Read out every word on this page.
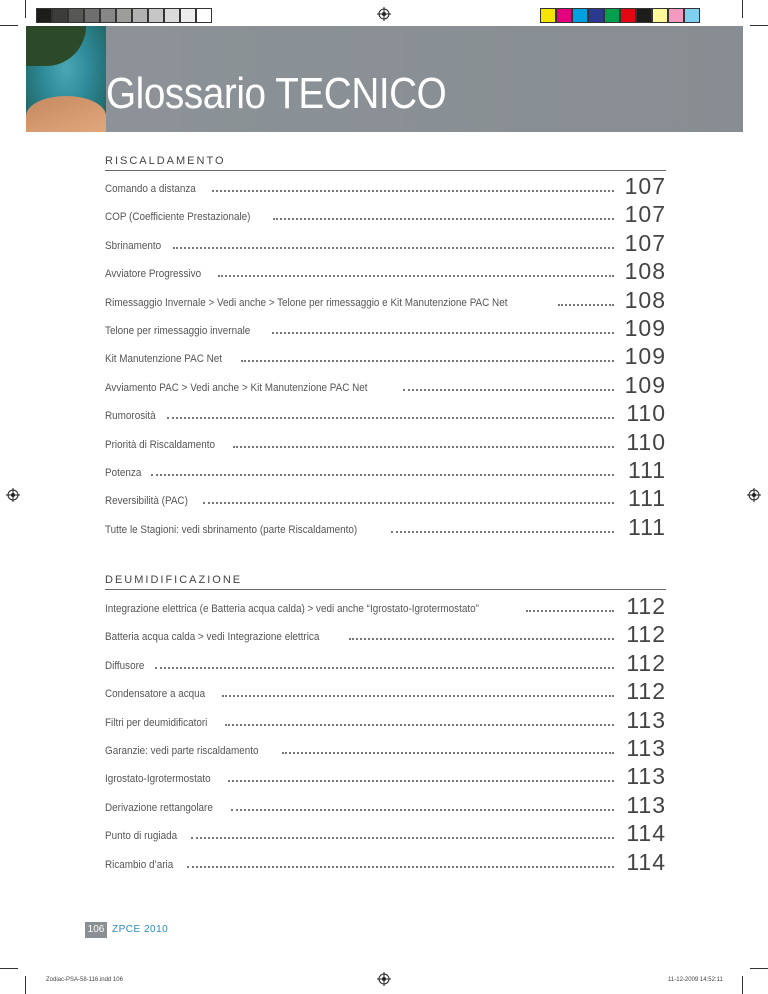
Glossario TECNICO
RISCALDAMENTO
Comando a distanza	107
COP (Coefficiente Prestazionale)	107
Sbrinamento	107
Avviatore Progressivo	108
Rimessaggio Invernale > Vedi anche > Telone per rimessaggio e Kit Manutenzione PAC Net	108
Telone per rimessaggio invernale	109
Kit Manutenzione PAC Net	109
Avviamento PAC > Vedi anche > Kit Manutenzione PAC Net	109
Rumorosità	110
Priorità di Riscaldamento	110
Potenza	111
Reversibilità (PAC)	111
Tutte le Stagioni: vedi sbrinamento (parte Riscaldamento)	111
DEUMIDIFICAZIONE
Integrazione elettrica (e Batteria acqua calda) > vedi anche “Igrostato-Igrotermostato”	112
Batteria acqua calda > vedi Integrazione elettrica	112
Diffusore	112
Condensatore a acqua	112
Filtri per deumidificatori	113
Garanzie: vedi parte riscaldamento	113
Igrostato-Igrotermostato	113
Derivazione rettangolare	113
Punto di rugiada	114
Ricambio d’aria	114
106 ZPCE 2010
Zodiac-PSA-58-116.indd 106	11-12-2009 14:52:11
